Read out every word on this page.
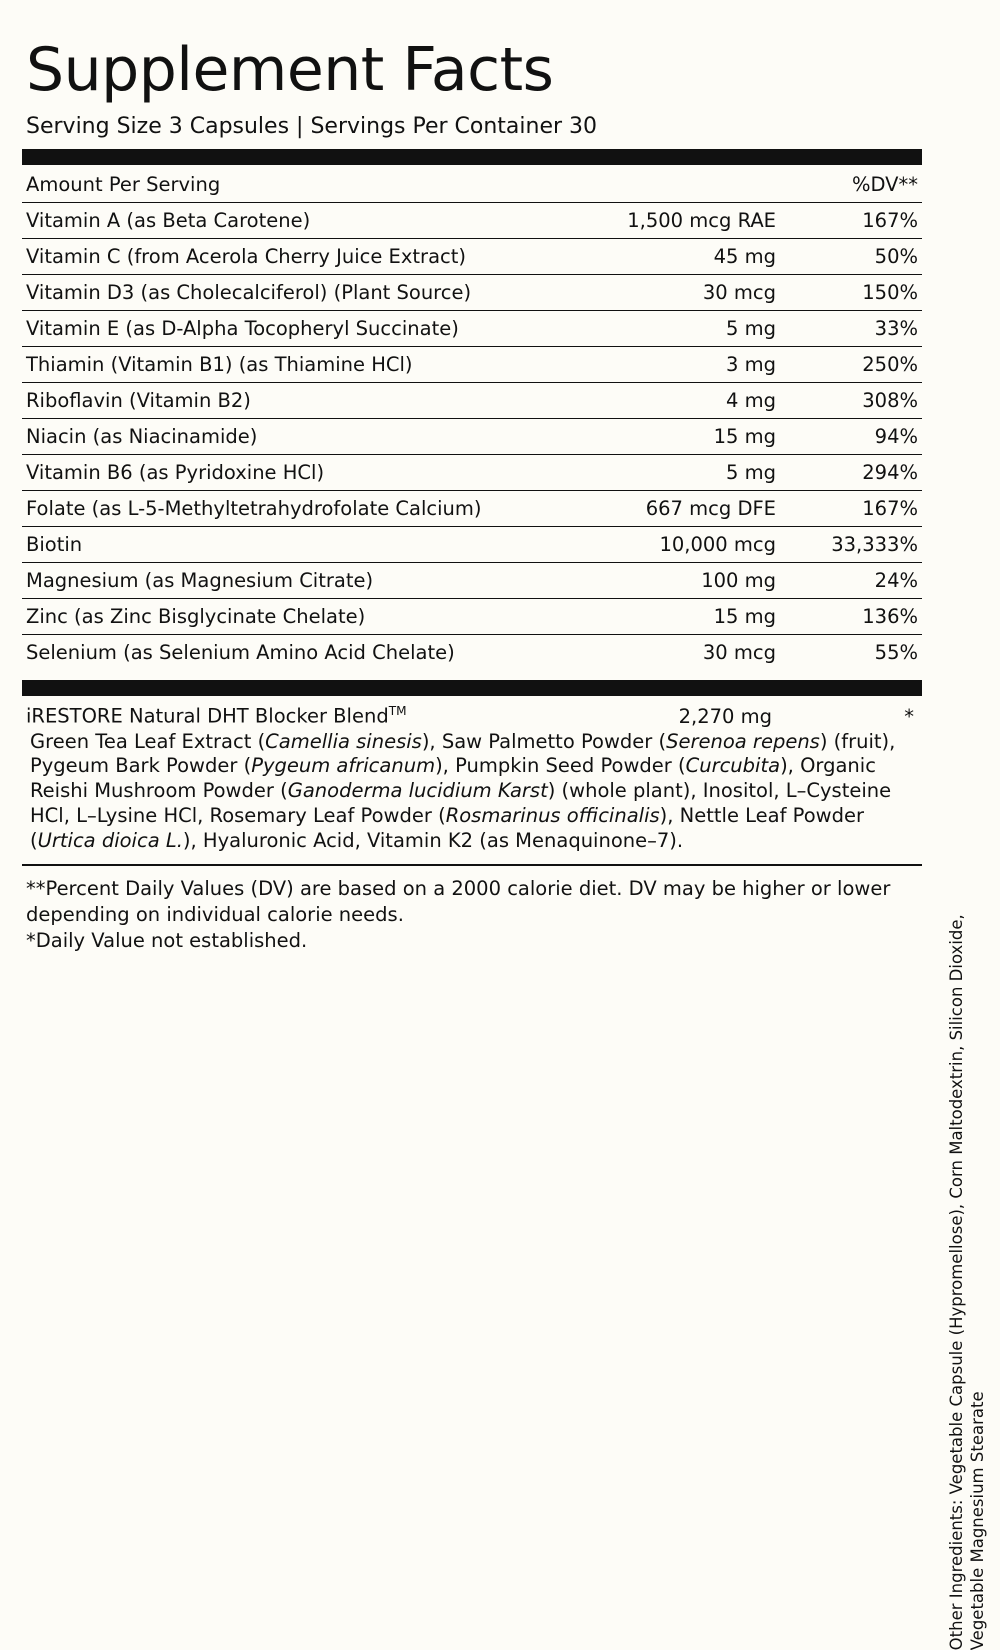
Supplement Facts
Serving Size 3 Capsules | Servings Per Container 30
Amount Per Serving		%DV**
Vitamin A (as Beta Carotene)	1,500 mcg RAE	167%
Vitamin C (from Acerola Cherry Juice Extract)	45 mg	50%
Vitamin D3 (as Cholecalciferol) (Plant Source)	30 mcg	150%
Vitamin E (as D-Alpha Tocopheryl Succinate)	5 mg	33%
Thiamin (Vitamin B1) (as Thiamine HCl)	3 mg	250%
Riboflavin (Vitamin B2)	4 mg	308%
Niacin (as Niacinamide)	15 mg	94%
Vitamin B6 (as Pyridoxine HCl)	5 mg	294%
Folate (as L-5-Methyltetrahydrofolate Calcium)	667 mcg DFE	167%
Biotin	10,000 mcg	33,333%
Magnesium (as Magnesium Citrate)	100 mg	24%
Zinc (as Zinc Bisglycinate Chelate)	15 mg	136%
Selenium (as Selenium Amino Acid Chelate)	30 mcg	55%
iRESTORE Natural DHT Blocker Blend™	2,270 mg	*
Green Tea Leaf Extract (Camellia sinesis), Saw Palmetto Powder (Serenoa repens) (fruit), Pygeum Bark Powder (Pygeum africanum), Pumpkin Seed Powder (Curcubita), Organic Reishi Mushroom Powder (Ganoderma lucidium Karst) (whole plant), Inositol, L–Cysteine HCl, L–Lysine HCl, Rosemary Leaf Powder (Rosmarinus officinalis), Nettle Leaf Powder (Urtica dioica L.), Hyaluronic Acid, Vitamin K2 (as Menaquinone–7).

**Percent Daily Values (DV) are based on a 2000 calorie diet. DV may be higher or lower depending on individual calorie needs.

*Daily Value not established.	Other Ingredients: Vegetable Capsule (Hypromellose), Corn Maltodextrin, Silicon Dioxide, Vegetable Magnesium Stearate
